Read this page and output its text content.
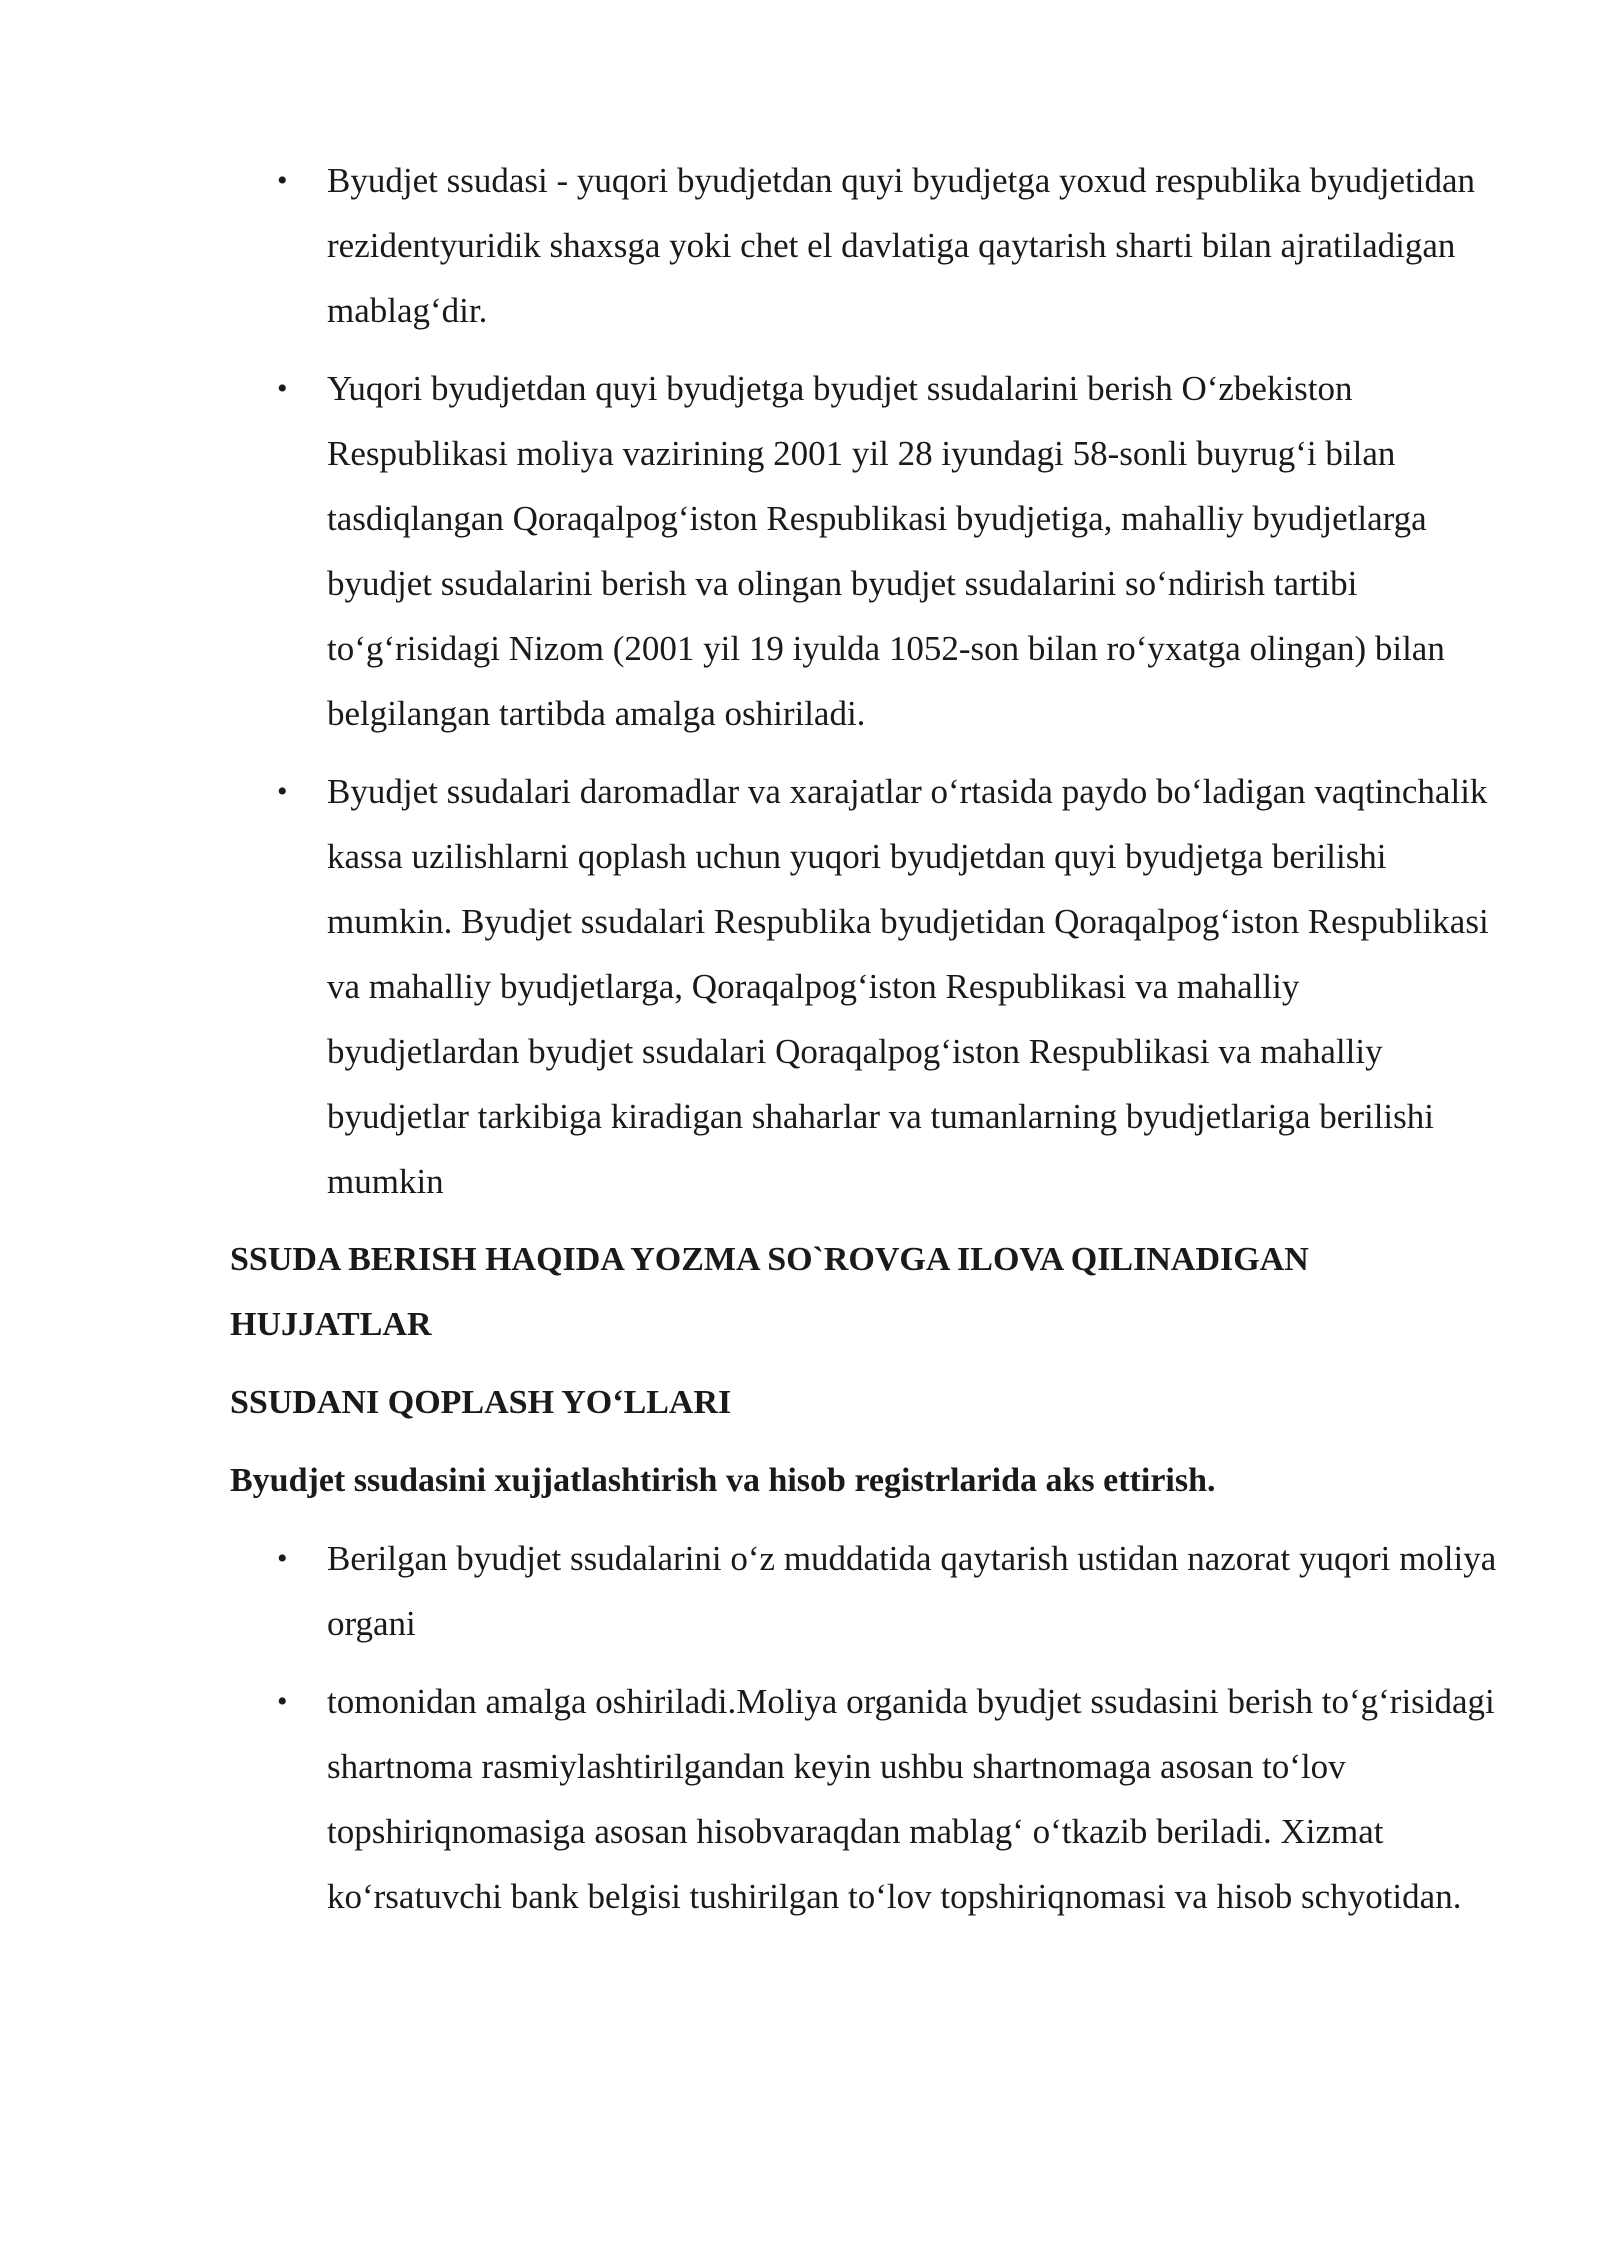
• Byudjet ssudasi - yuqori byudjetdan quyi byudjetga yoxud respublika byudjetidan rezidentyuridik shaxsga yoki chet el davlatiga qaytarish sharti bilan ajratiladigan mablag‘dir.
• Yuqori byudjetdan quyi byudjetga byudjet ssudalarini berish O‘zbekiston Respublikasi moliya vazirining 2001 yil 28 iyundagi 58-sonli buyrug‘i bilan tasdiqlangan Qoraqalpog‘iston Respublikasi byudjetiga, mahalliy byudjetlarga byudjet ssudalarini berish va olingan byudjet ssudalarini so‘ndirish tartibi to‘g‘risidagi Nizom (2001 yil 19 iyulda 1052-son bilan ro‘yxatga olingan) bilan belgilangan tartibda amalga oshiriladi.
• Byudjet ssudalari daromadlar va xarajatlar o‘rtasida paydo bo‘ladigan vaqtinchalik kassa uzilishlarni qoplash uchun yuqori byudjetdan quyi byudjetga berilishi mumkin. Byudjet ssudalari Respublika byudjetidan Qoraqalpog‘iston Respublikasi va mahalliy byudjetlarga, Qoraqalpog‘iston Respublikasi va mahalliy byudjetlardan byudjet ssudalari Qoraqalpog‘iston Respublikasi va mahalliy byudjetlar tarkibiga kiradigan shaharlar va tumanlarning byudjetlariga berilishi mumkin
SSUDA BERISH HAQIDA YOZMA SO`ROVGA ILOVA QILINADIGAN HUJJATLAR
SSUDANI QOPLASH YO‘LLARI
Byudjet ssudasini xujjatlashtirish va hisob registrlarida aks ettirish.
• Berilgan byudjet ssudalarini o‘z muddatida qaytarish ustidan nazorat yuqori moliya organi
• tomonidan amalga oshiriladi.Moliya organida byudjet ssudasini berish to‘g‘risidagi shartnoma rasmiylashtirilgandan keyin ushbu shartnomaga asosan to‘lov topshiriqnomasiga asosan hisobvaraqdan mablag‘ o‘tkazib beriladi. Xizmat ko‘rsatuvchi bank belgisi tushirilgan to‘lov topshiriqnomasi va hisob schyotidan.
